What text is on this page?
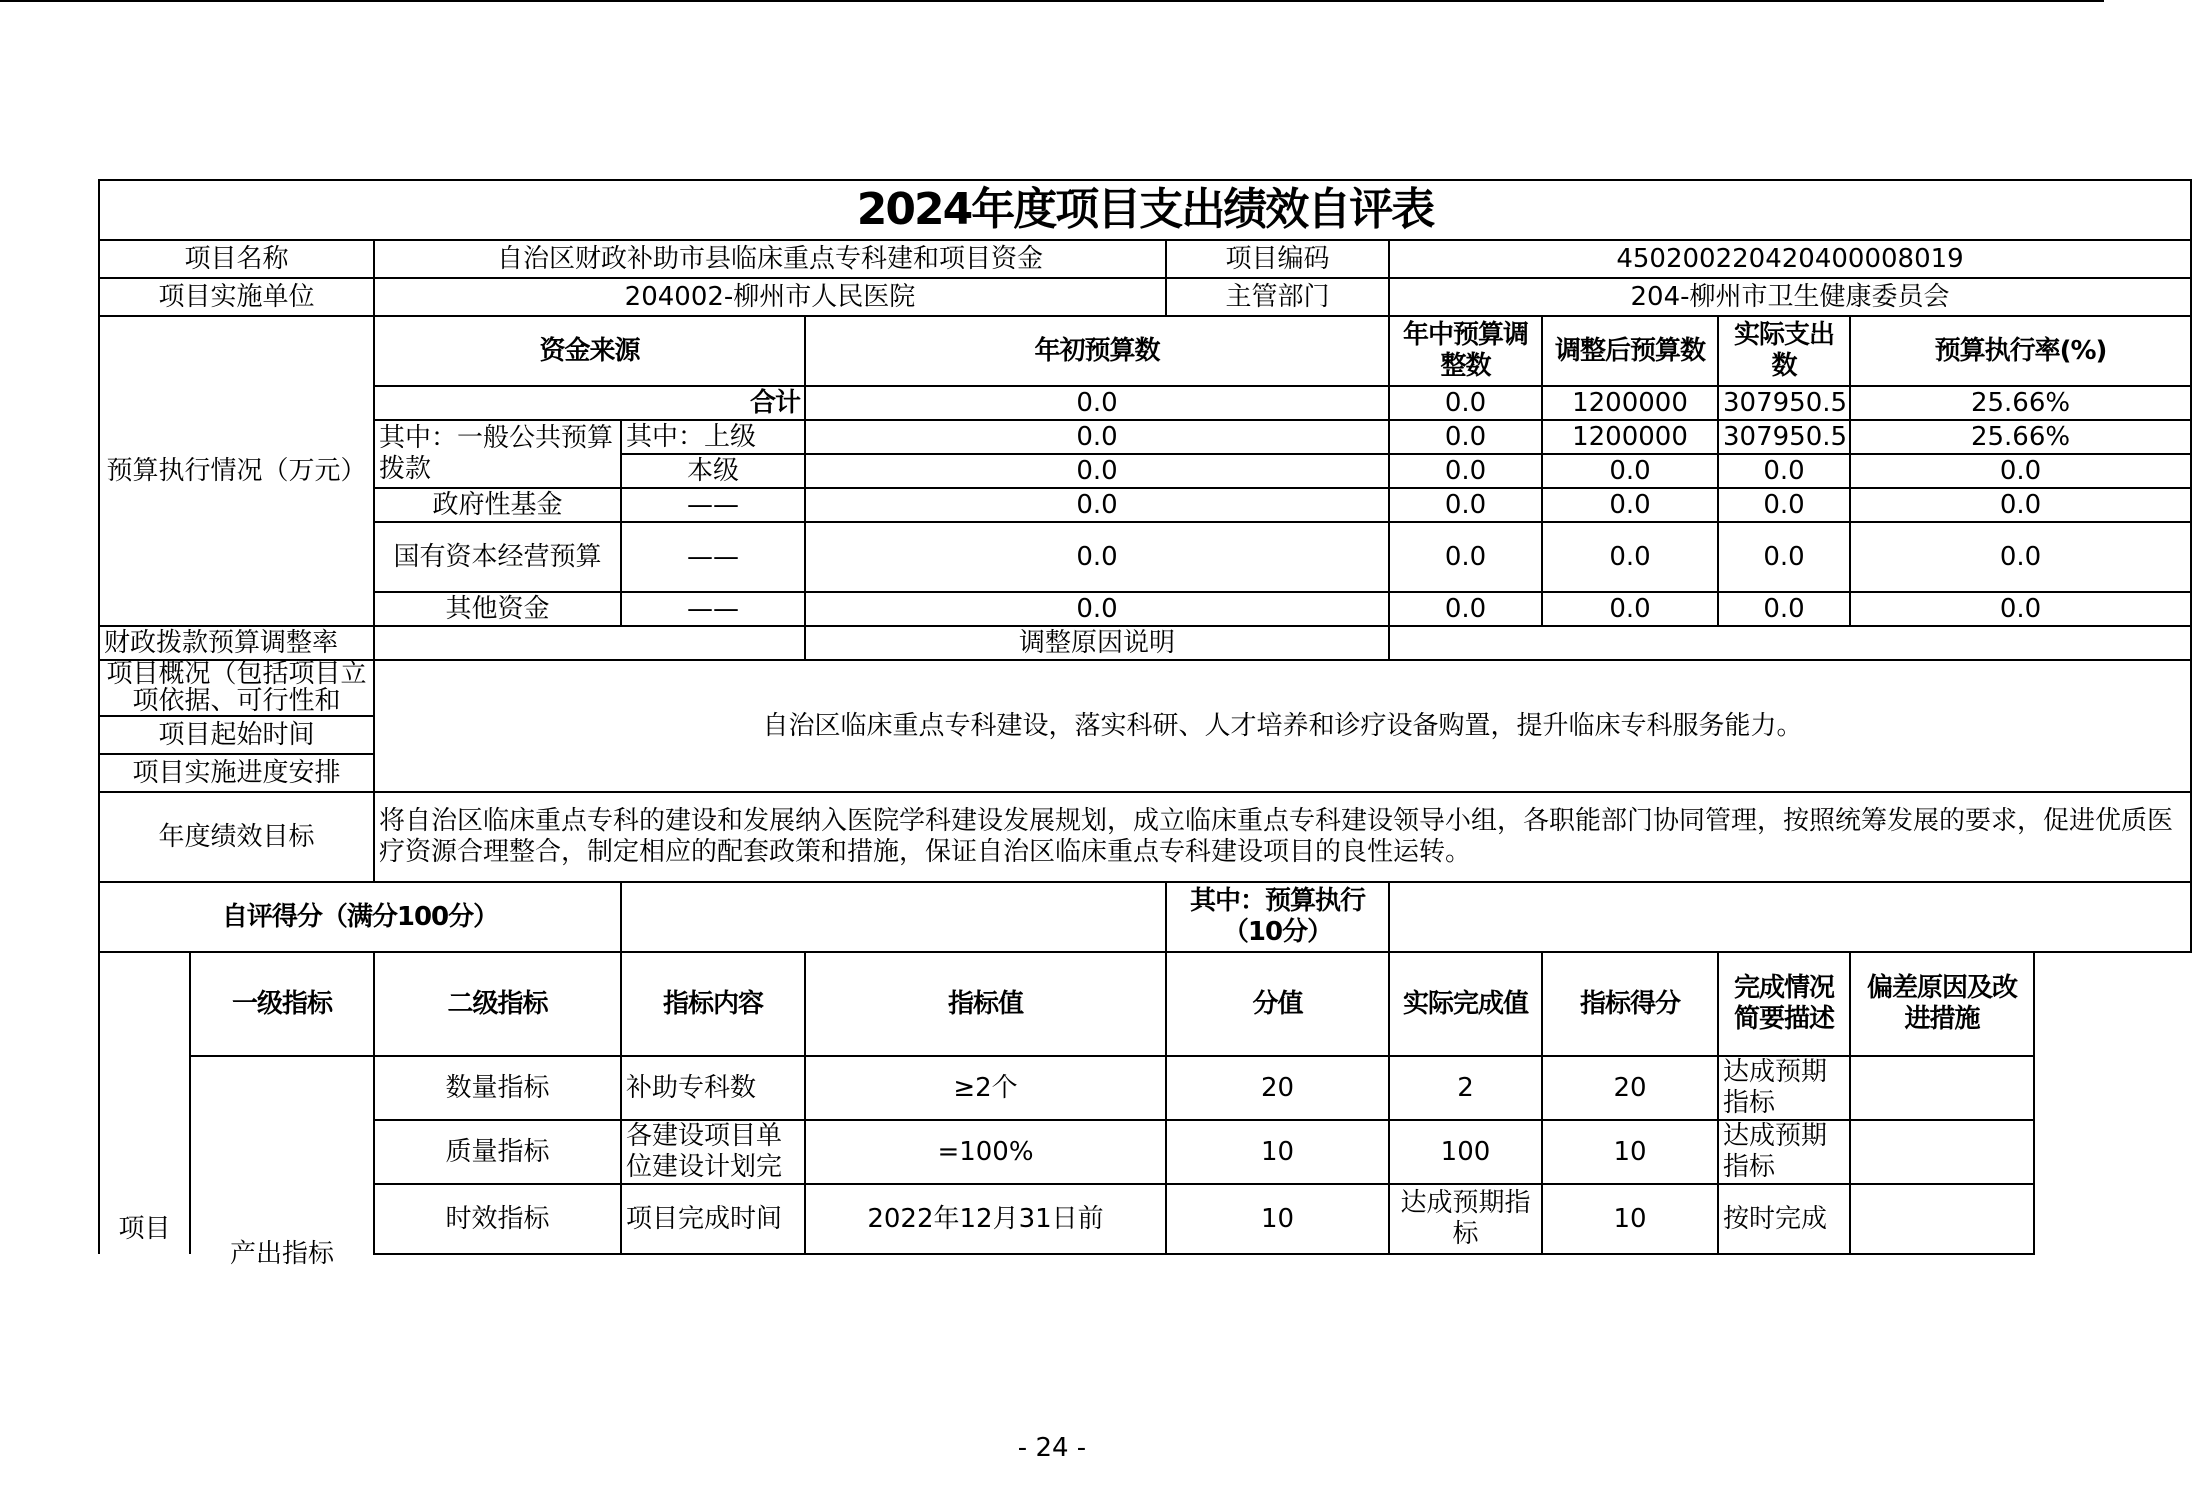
2024年度项目支出绩效自评表									
项目名称		自治区财政补助市县临床重点专科建和项目资金			项目编码	450200220420400008019			
项目实施单位		204002-柳州市人民医院			主管部门	204-柳州市卫生健康委员会			
预算执行情况（万元）		资金来源		年初预算数		年中预算调整数	调整后预算数	实际支出数	预算执行率(%)
		合计		0.0		0.0	1200000	307950.5	25.66%
		其中：一般公共预算拨款	其中：上级	0.0		0.0	1200000	307950.5	25.66%
			本级	0.0		0.0	0.0	0.0	0.0
		政府性基金	——	0.0		0.0	0.0	0.0	0.0
		国有资本经营预算	——	0.0		0.0	0.0	0.0	0.0
		其他资金	——	0.0		0.0	0.0	0.0	0.0
财政拨款预算调整率				调整原因说明					
项目概况（包括项目立项依据、可行性和		自治区临床重点专科建设，落实科研、人才培养和诊疗设备购置，提升临床专科服务能力。							
项目起始时间									
项目实施进度安排									
年度绩效目标		将自治区临床重点专科的建设和发展纳入医院学科建设发展规划，成立临床重点专科建设领导小组，各职能部门协同管理，按照统筹发展的要求，促进优质医疗资源合理整合，制定相应的配套政策和措施，保证自治区临床重点专科建设项目的良性运转。							
自评得分（满分100分）					其中：预算执行（10分）				
项目	一级指标	二级指标	指标内容	指标值	分值	实际完成值	指标得分	完成情况简要描述	偏差原因及改进措施

	产出指标	数量指标	补助专科数	≥2个	20	2	20	达成预期指标	
		质量指标	各建设项目单位建设计划完	=100%	10	100	10	达成预期指标	
		时效指标	项目完成时间	2022年12月31日前	10	达成预期指标	10	按时完成	
- 24 -
